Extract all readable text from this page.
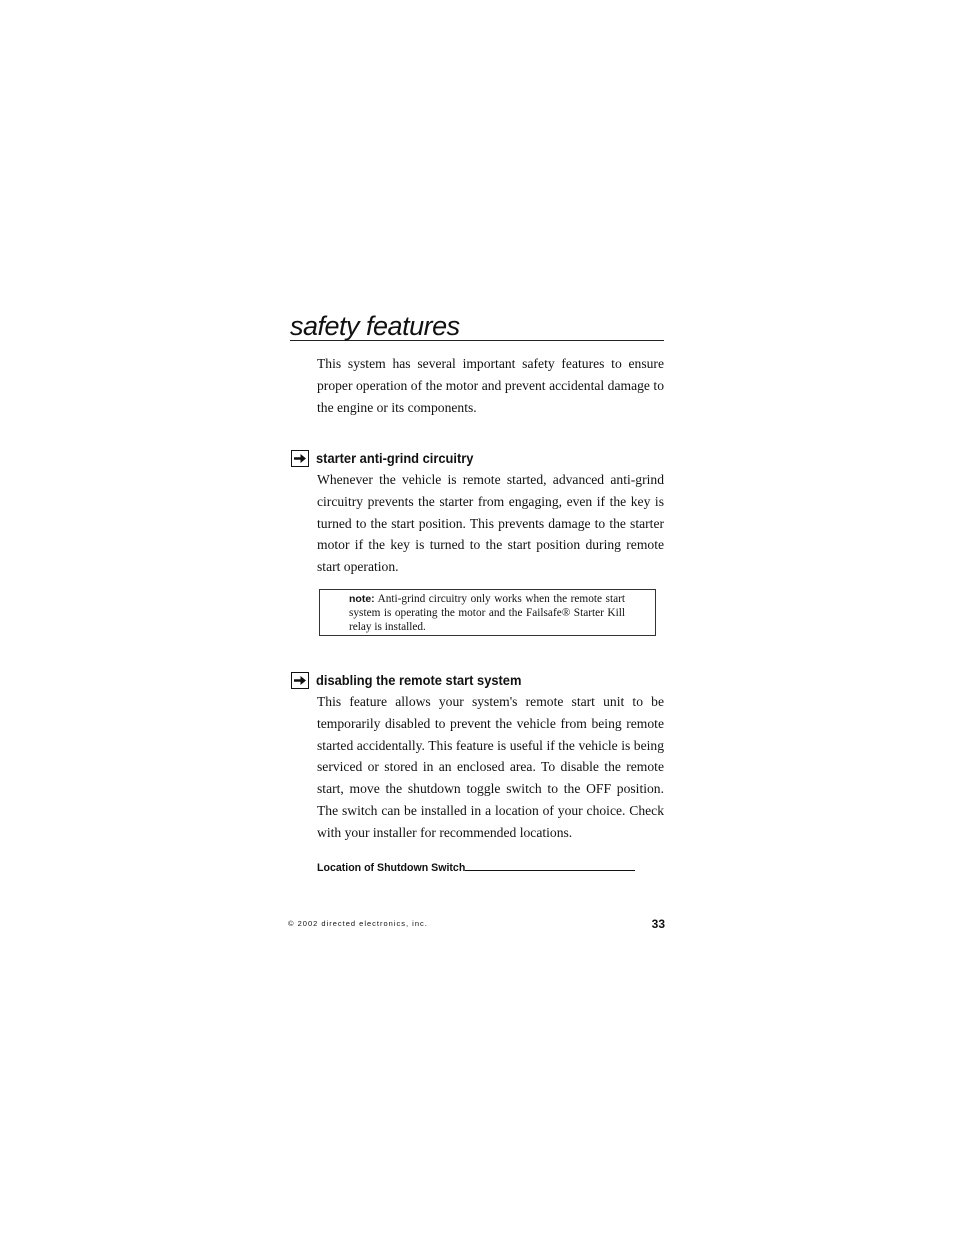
safety features

This system has several important safety features to ensure proper operation of the motor and prevent accidental damage to the engine or its components.

starter anti-grind circuitry

Whenever the vehicle is remote started, advanced anti-grind circuitry prevents the starter from engaging, even if the key is turned to the start position. This prevents damage to the starter motor if the key is turned to the start position during remote start operation.

note: Anti-grind circuitry only works when the remote start system is operating the motor and the Failsafe® Starter Kill relay is installed.

disabling the remote start system

This feature allows your system's remote start unit to be temporarily disabled to prevent the vehicle from being remote started accidentally. This feature is useful if the vehicle is being serviced or stored in an enclosed area. To disable the remote start, move the shutdown toggle switch to the OFF position. The switch can be installed in a location of your choice. Check with your installer for recommended locations.

Location of Shutdown Switch
© 2002 directed electronics, inc.	33
